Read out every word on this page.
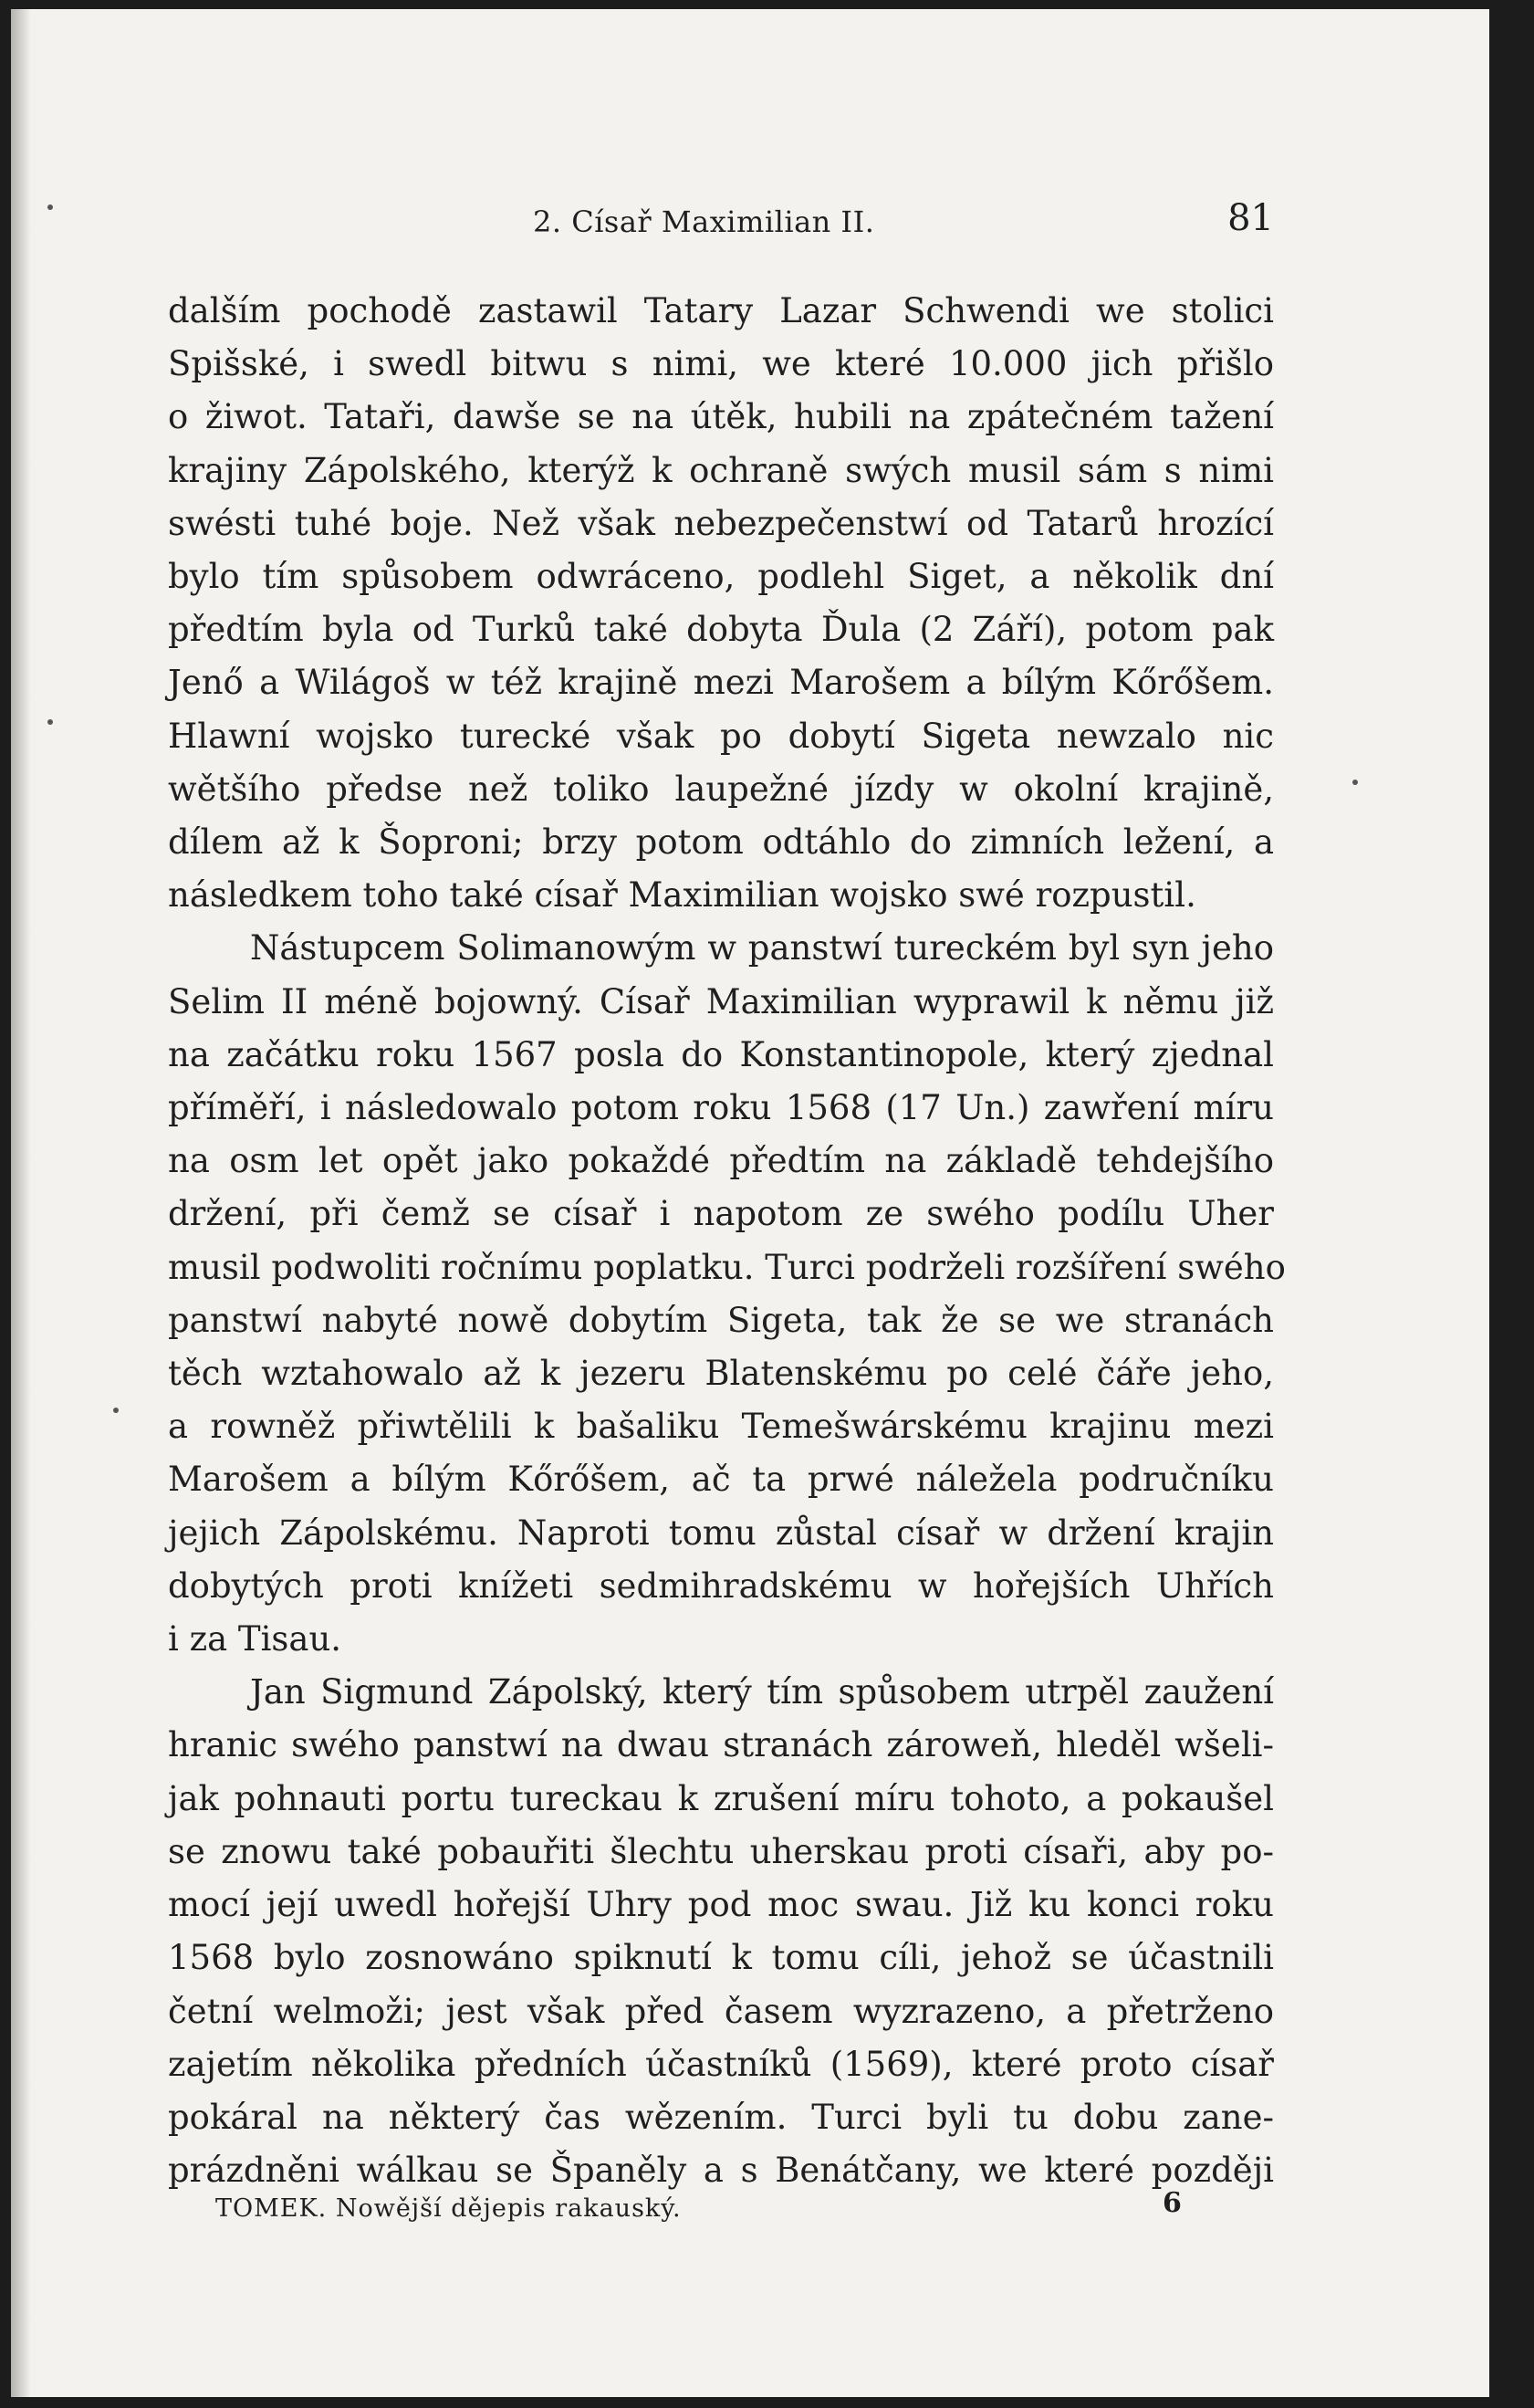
2. Císař Maximilian II.	81
dalším pochodě zastawil Tatary Lazar Schwendi we stolici
Spišské, i swedl bitwu s nimi, we které 10.000 jich přišlo
o žiwot. Tataři, dawše se na útěk, hubili na zpátečném tažení
krajiny Zápolského, kterýž k ochraně swých musil sám s nimi
swésti tuhé boje. Než však nebezpečenstwí od Tatarů hrozící
bylo tím spůsobem odwráceno, podlehl Siget, a několik dní
předtím byla od Turků také dobyta Ďula (2 Září), potom pak
Jenő a Wilágoš w též krajině mezi Marošem a bílým Kőrőšem.
Hlawní wojsko turecké však po dobytí Sigeta newzalo nic
wětšího předse než toliko laupežné jízdy w okolní krajině,
dílem až k Šoproni; brzy potom odtáhlo do zimních ležení, a
následkem toho také císař Maximilian wojsko swé rozpustil.
Nástupcem Solimanowým w panstwí tureckém byl syn jeho
Selim II méně bojowný. Císař Maximilian wyprawil k němu již
na začátku roku 1567 posla do Konstantinopole, který zjednal
příměří, i následowalo potom roku 1568 (17 Un.) zawření míru
na osm let opět jako pokaždé předtím na základě tehdejšího
držení, při čemž se císař i napotom ze swého podílu Uher
musil podwoliti ročnímu poplatku. Turci podrželi rozšíření swého
panstwí nabyté nowě dobytím Sigeta, tak že se we stranách
těch wztahowalo až k jezeru Blatenskému po celé čáře jeho,
a rowněž přiwtělili k bašaliku Temešwárskému krajinu mezi
Marošem a bílým Kőrőšem, ač ta prwé náležela područníku
jejich Zápolskému. Naproti tomu zůstal císař w držení krajin
dobytých proti knížeti sedmihradskému w hořejších Uhřích
i za Tisau.
Jan Sigmund Zápolský, který tím spůsobem utrpěl zaužení
hranic swého panstwí na dwau stranách zároweň, hleděl wšeli-
jak pohnauti portu tureckau k zrušení míru tohoto, a pokaušel
se znowu také pobauřiti šlechtu uherskau proti císaři, aby po-
mocí její uwedl hořejší Uhry pod moc swau. Již ku konci roku
1568 bylo zosnowáno spiknutí k tomu cíli, jehož se účastnili
četní welmoži; jest však před časem wyzrazeno, a přetrženo
zajetím několika předních účastníků (1569), které proto císař
pokáral na některý čas wězením. Turci byli tu dobu zane-
prázdněni wálkau se Španěly a s Benátčany, we které později
TOMEK. Nowější dějepis rakauský.	6
